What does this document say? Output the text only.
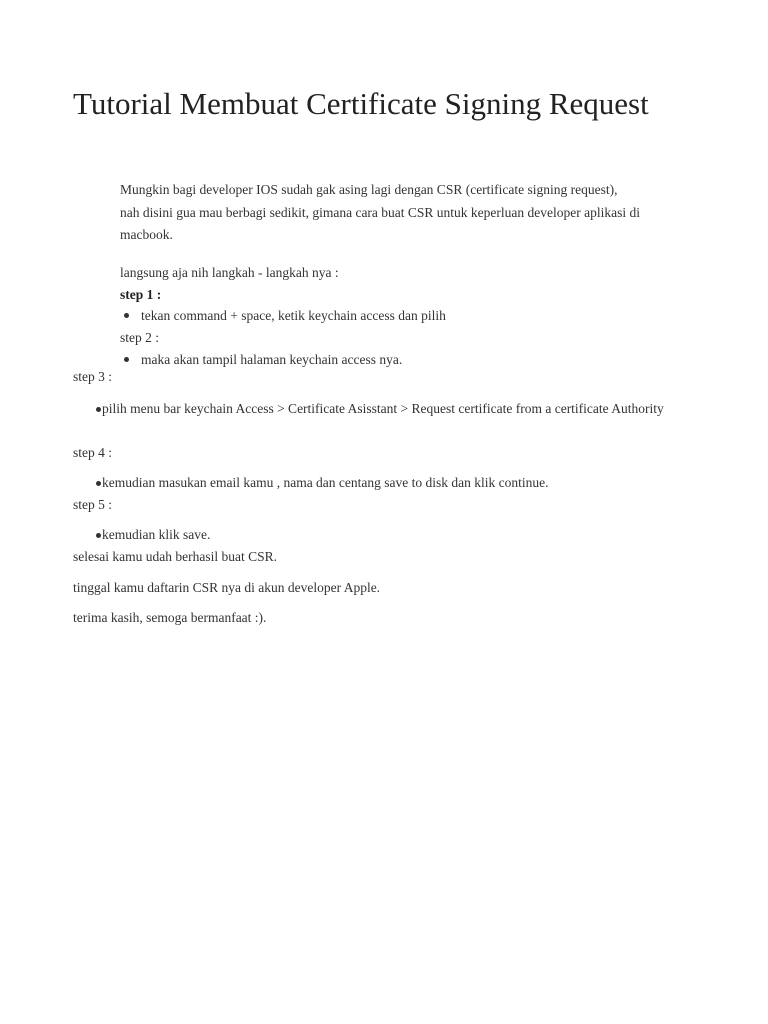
Tutorial Membuat Certificate Signing Request

Mungkin bagi developer IOS sudah gak asing lagi dengan CSR (certificate signing request), nah disini gua mau berbagi sedikit, gimana cara buat CSR untuk keperluan developer aplikasi di macbook.

langsung aja nih langkah - langkah nya :

step 1 :

tekan command + space, ketik keychain access dan pilih

step 2 :

maka akan tampil halaman keychain access nya.

step 3 :

pilih menu bar keychain Access > Certificate Asisstant > Request certificate from a certificate Authority

step 4 :

kemudian masukan email kamu , nama dan centang save to disk dan klik continue.

step 5 :

kemudian klik save.

selesai kamu udah berhasil buat CSR.

tinggal kamu daftarin CSR nya di akun developer Apple.

terima kasih, semoga bermanfaat :).
